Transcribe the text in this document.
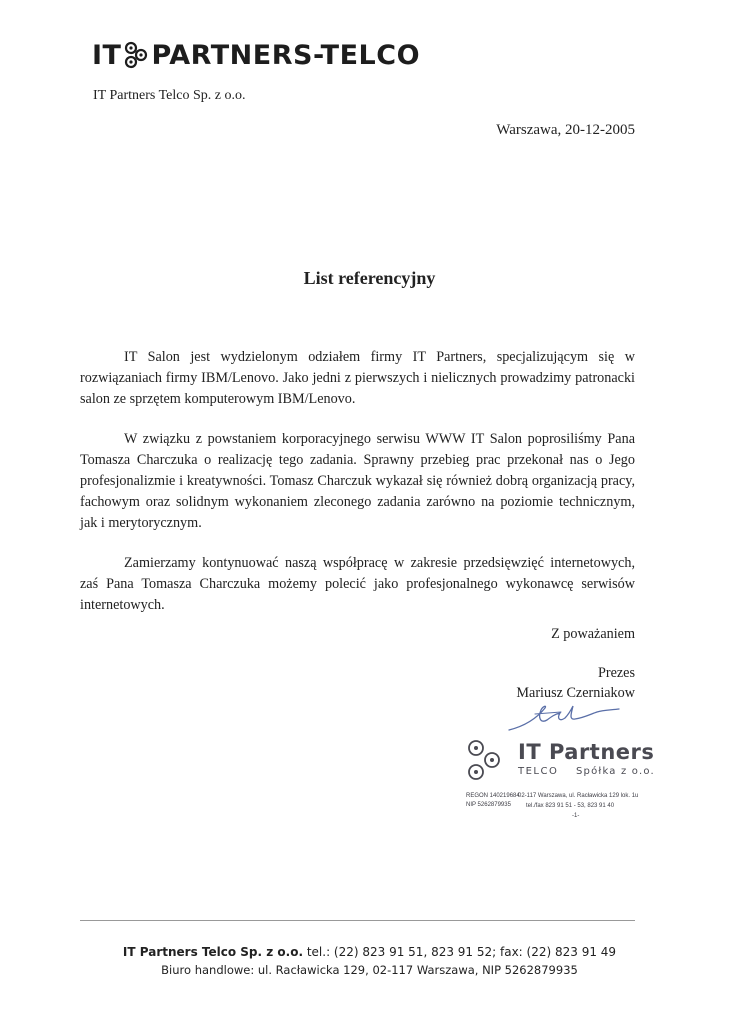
IT PARTNERS-TELCO
IT Partners Telco Sp. z o.o.
Warszawa, 20-12-2005
List referencyjny

IT Salon jest wydzielonym odziałem firmy IT Partners, specjalizującym się w rozwiązaniach firmy IBM/Lenovo. Jako jedni z pierwszych i nielicznych prowadzimy patronacki salon ze sprzętem komputerowym IBM/Lenovo.

W związku z powstaniem korporacyjnego serwisu WWW IT Salon poprosiliśmy Pana Tomasza Charczuka o realizację tego zadania. Sprawny przebieg prac przekonał nas o Jego profesjonalizmie i kreatywności. Tomasz Charczuk wykazał się również dobrą organizacją pracy, fachowym oraz solidnym wykonaniem zleconego zadania zarówno na poziomie technicznym, jak i merytorycznym.

Zamierzamy kontynuować naszą współpracę w zakresie przedsięwzięć internetowych, zaś Pana Tomasza Charczuka możemy polecić jako profesjonalnego wykonawcę serwisów internetowych.

Z poważaniem
Prezes
Mariusz Czerniakow
IT Partners
TELCO Spółka z o.o.
REGON 140219684
NIP 5262879935
02-117 Warszawa, ul. Racławicka 129 lok. 1u
tel./fax 823 91 51 - 53, 823 91 40
-1-
IT Partners Telco Sp. z o.o. tel.: (22) 823 91 51, 823 91 52; fax: (22) 823 91 49
Biuro handlowe: ul. Racławicka 129, 02-117 Warszawa, NIP 5262879935
